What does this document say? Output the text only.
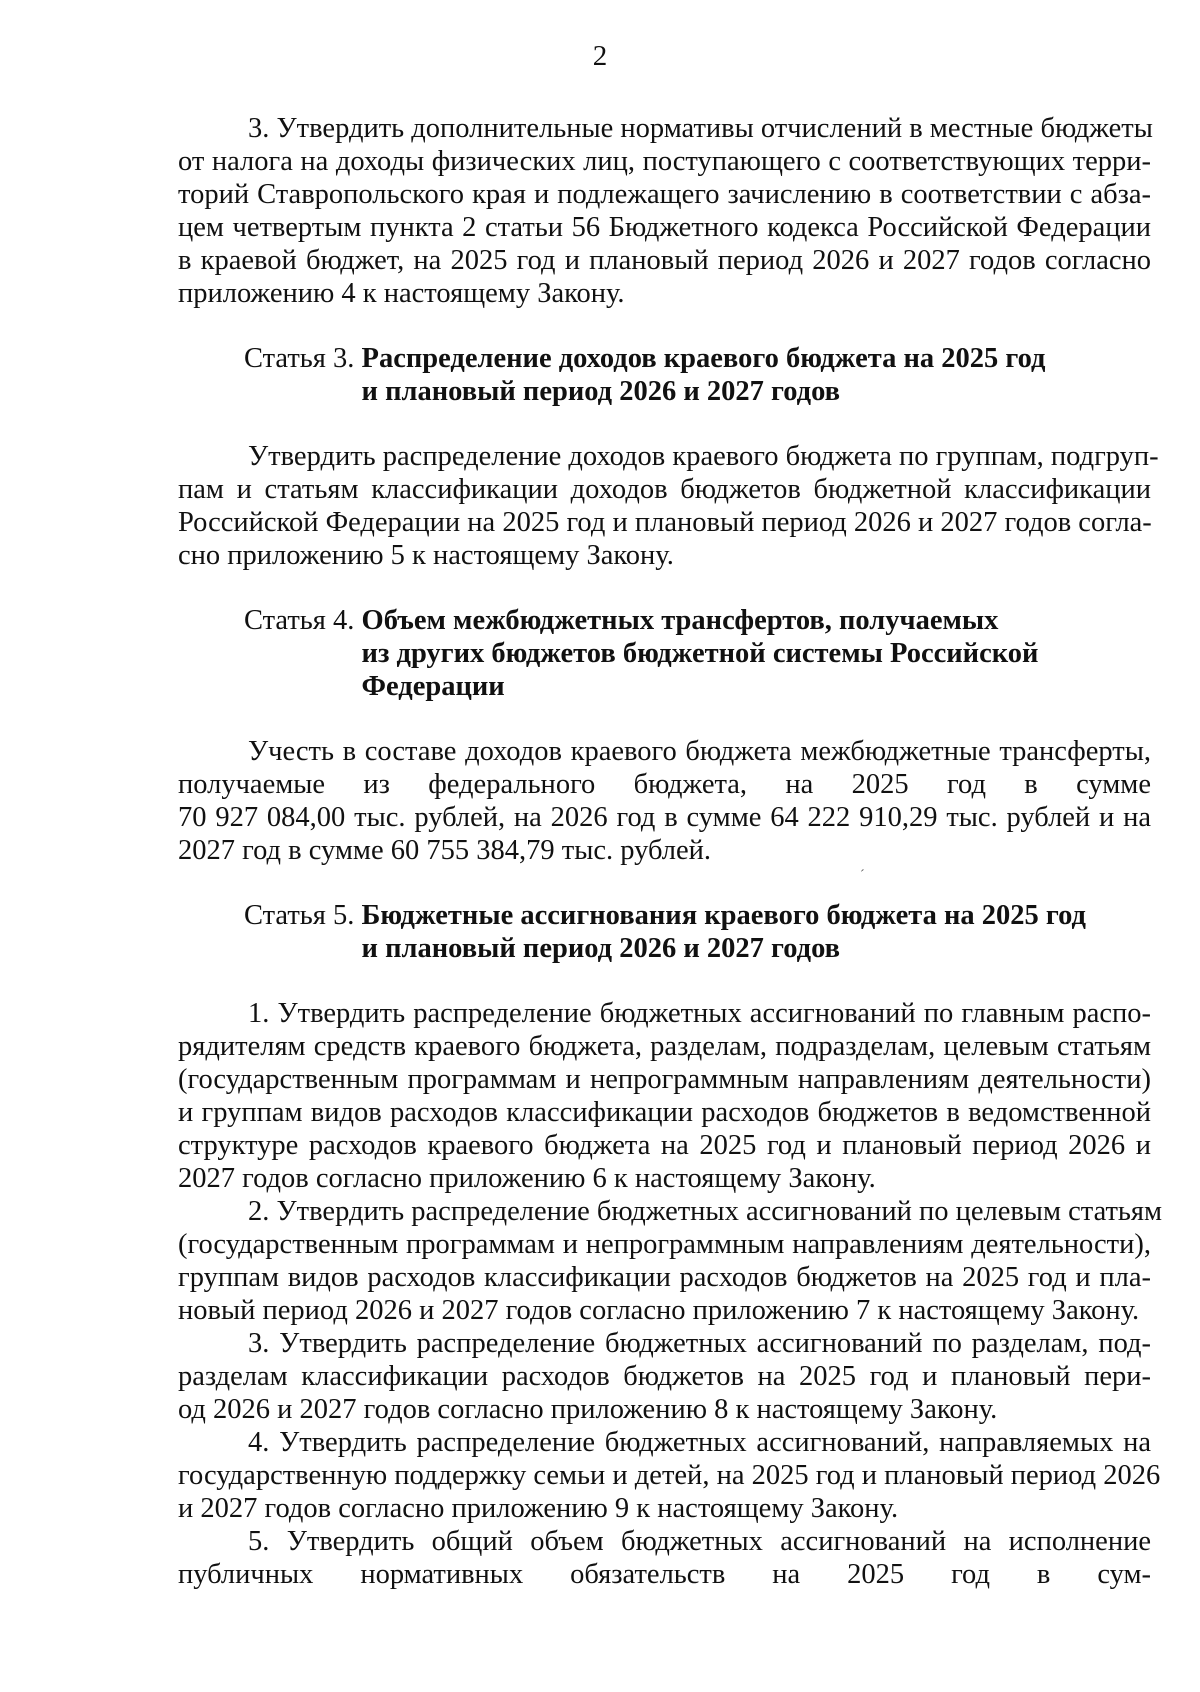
2
3. Утвердить дополнительные нормативы отчислений в местные бюджеты
от налога на доходы физических лиц, поступающего с соответствующих терри-
торий Ставропольского края и подлежащего зачислению в соответствии с абза-
цем четвертым пункта 2 статьи 56 Бюджетного кодекса Российской Федерации
в краевой бюджет, на 2025 год и плановый период 2026 и 2027 годов согласно
приложению 4 к настоящему Закону.
Статья 3.
Распределение доходов краевого бюджета на 2025 год
и плановый период 2026 и 2027 годов
Утвердить распределение доходов краевого бюджета по группам, подгруп-
пам и статьям классификации доходов бюджетов бюджетной классификации
Российской Федерации на 2025 год и плановый период 2026 и 2027 годов согла-
сно приложению 5 к настоящему Закону.
Статья 4.
Объем межбюджетных трансфертов, получаемых
из других бюджетов бюджетной системы Российской
Федерации
Учесть в составе доходов краевого бюджета межбюджетные трансферты,
получаемые из федерального бюджета, на 2025 год в сумме
70 927 084,00 тыс. рублей, на 2026 год в сумме 64 222 910,29 тыс. рублей и на
2027 год в сумме 60 755 384,79 тыс. рублей.
Статья 5.
Бюджетные ассигнования краевого бюджета на 2025 год
и плановый период 2026 и 2027 годов
1. Утвердить распределение бюджетных ассигнований по главным распо-
рядителям средств краевого бюджета, разделам, подразделам, целевым статьям
(государственным программам и непрограммным направлениям деятельности)
и группам видов расходов классификации расходов бюджетов в ведомственной
структуре расходов краевого бюджета на 2025 год и плановый период 2026 и
2027 годов согласно приложению 6 к настоящему Закону.
2. Утвердить распределение бюджетных ассигнований по целевым статьям
(государственным программам и непрограммным направлениям деятельности),
группам видов расходов классификации расходов бюджетов на 2025 год и пла-
новый период 2026 и 2027 годов согласно приложению 7 к настоящему Закону.
3. Утвердить распределение бюджетных ассигнований по разделам, под-
разделам классификации расходов бюджетов на 2025 год и плановый пери-
од 2026 и 2027 годов согласно приложению 8 к настоящему Закону.
4. Утвердить распределение бюджетных ассигнований, направляемых на
государственную поддержку семьи и детей, на 2025 год и плановый период 2026
и 2027 годов согласно приложению 9 к настоящему Закону.
5. Утвердить общий объем бюджетных ассигнований на исполнение
публичных нормативных обязательств на 2025 год в сум-
´
